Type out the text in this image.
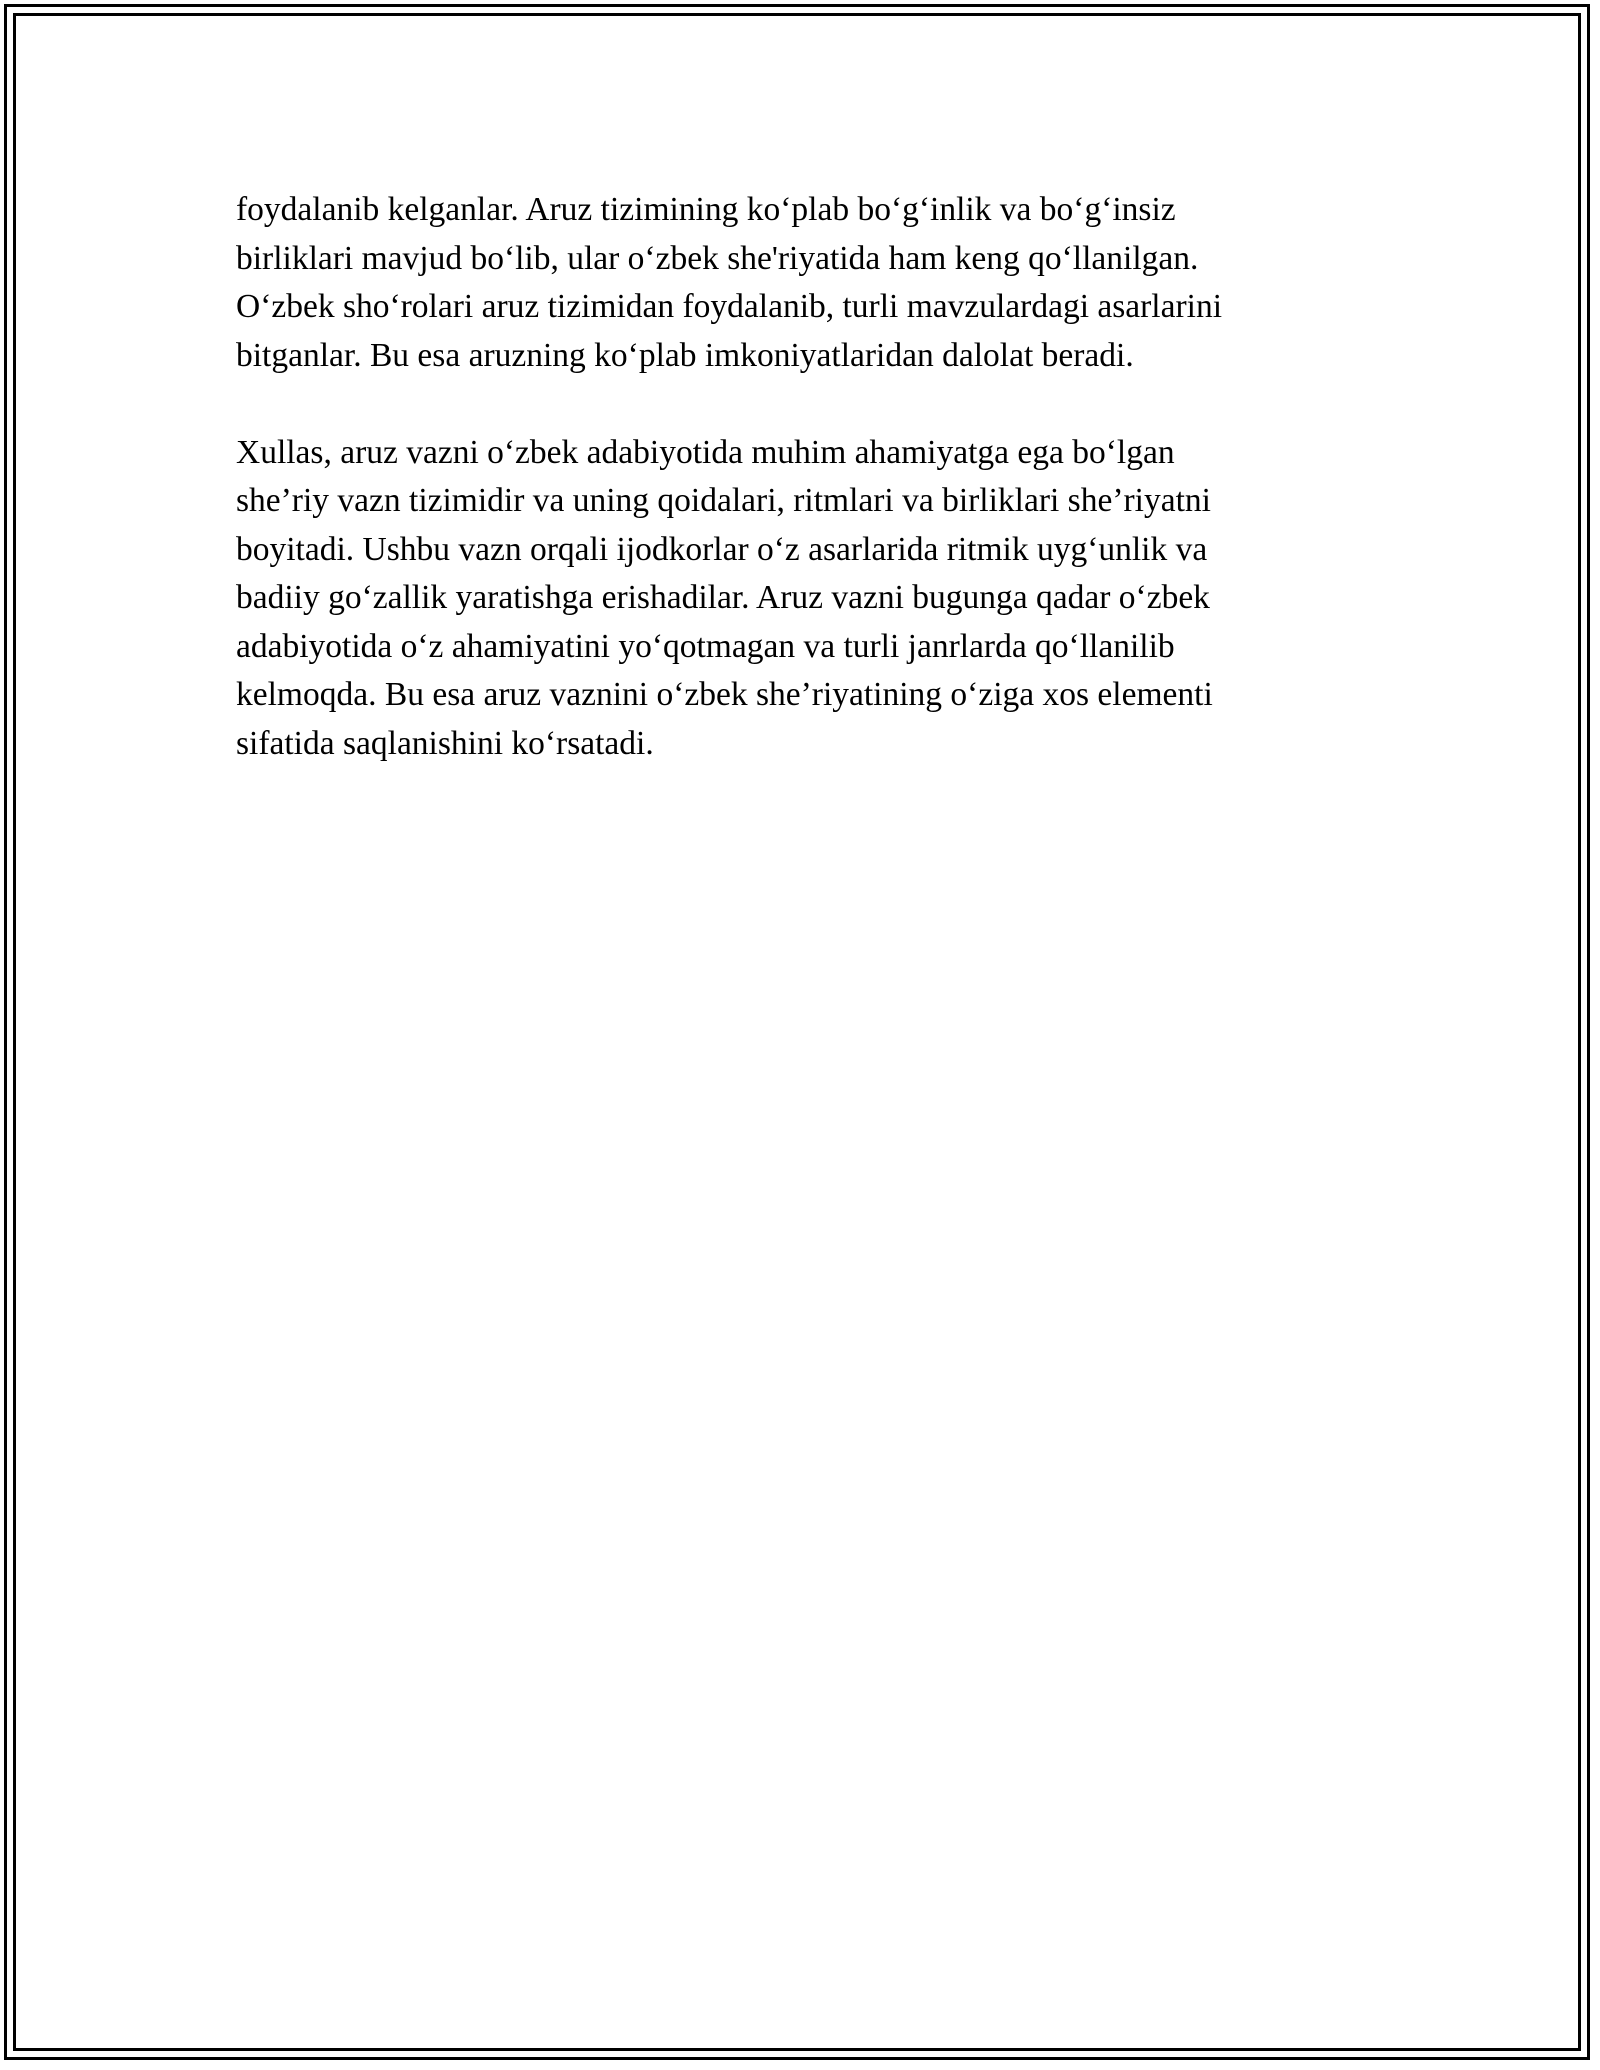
foydalanib kelganlar. Aruz tizimining ko‘plab bo‘g‘inlik va bo‘g‘insiz
birliklari mavjud bo‘lib, ular o‘zbek she'riyatida ham keng qo‘llanilgan.
O‘zbek sho‘rolari aruz tizimidan foydalanib, turli mavzulardagi asarlarini
bitganlar. Bu esa aruzning ko‘plab imkoniyatlaridan dalolat beradi.

Xullas, aruz vazni o‘zbek adabiyotida muhim ahamiyatga ega bo‘lgan
she’riy vazn tizimidir va uning qoidalari, ritmlari va birliklari she’riyatni
boyitadi. Ushbu vazn orqali ijodkorlar o‘z asarlarida ritmik uyg‘unlik va
badiiy go‘zallik yaratishga erishadilar. Aruz vazni bugunga qadar o‘zbek
adabiyotida o‘z ahamiyatini yo‘qotmagan va turli janrlarda qo‘llanilib
kelmoqda. Bu esa aruz vaznini o‘zbek she’riyatining o‘ziga xos elementi
sifatida saqlanishini ko‘rsatadi.
